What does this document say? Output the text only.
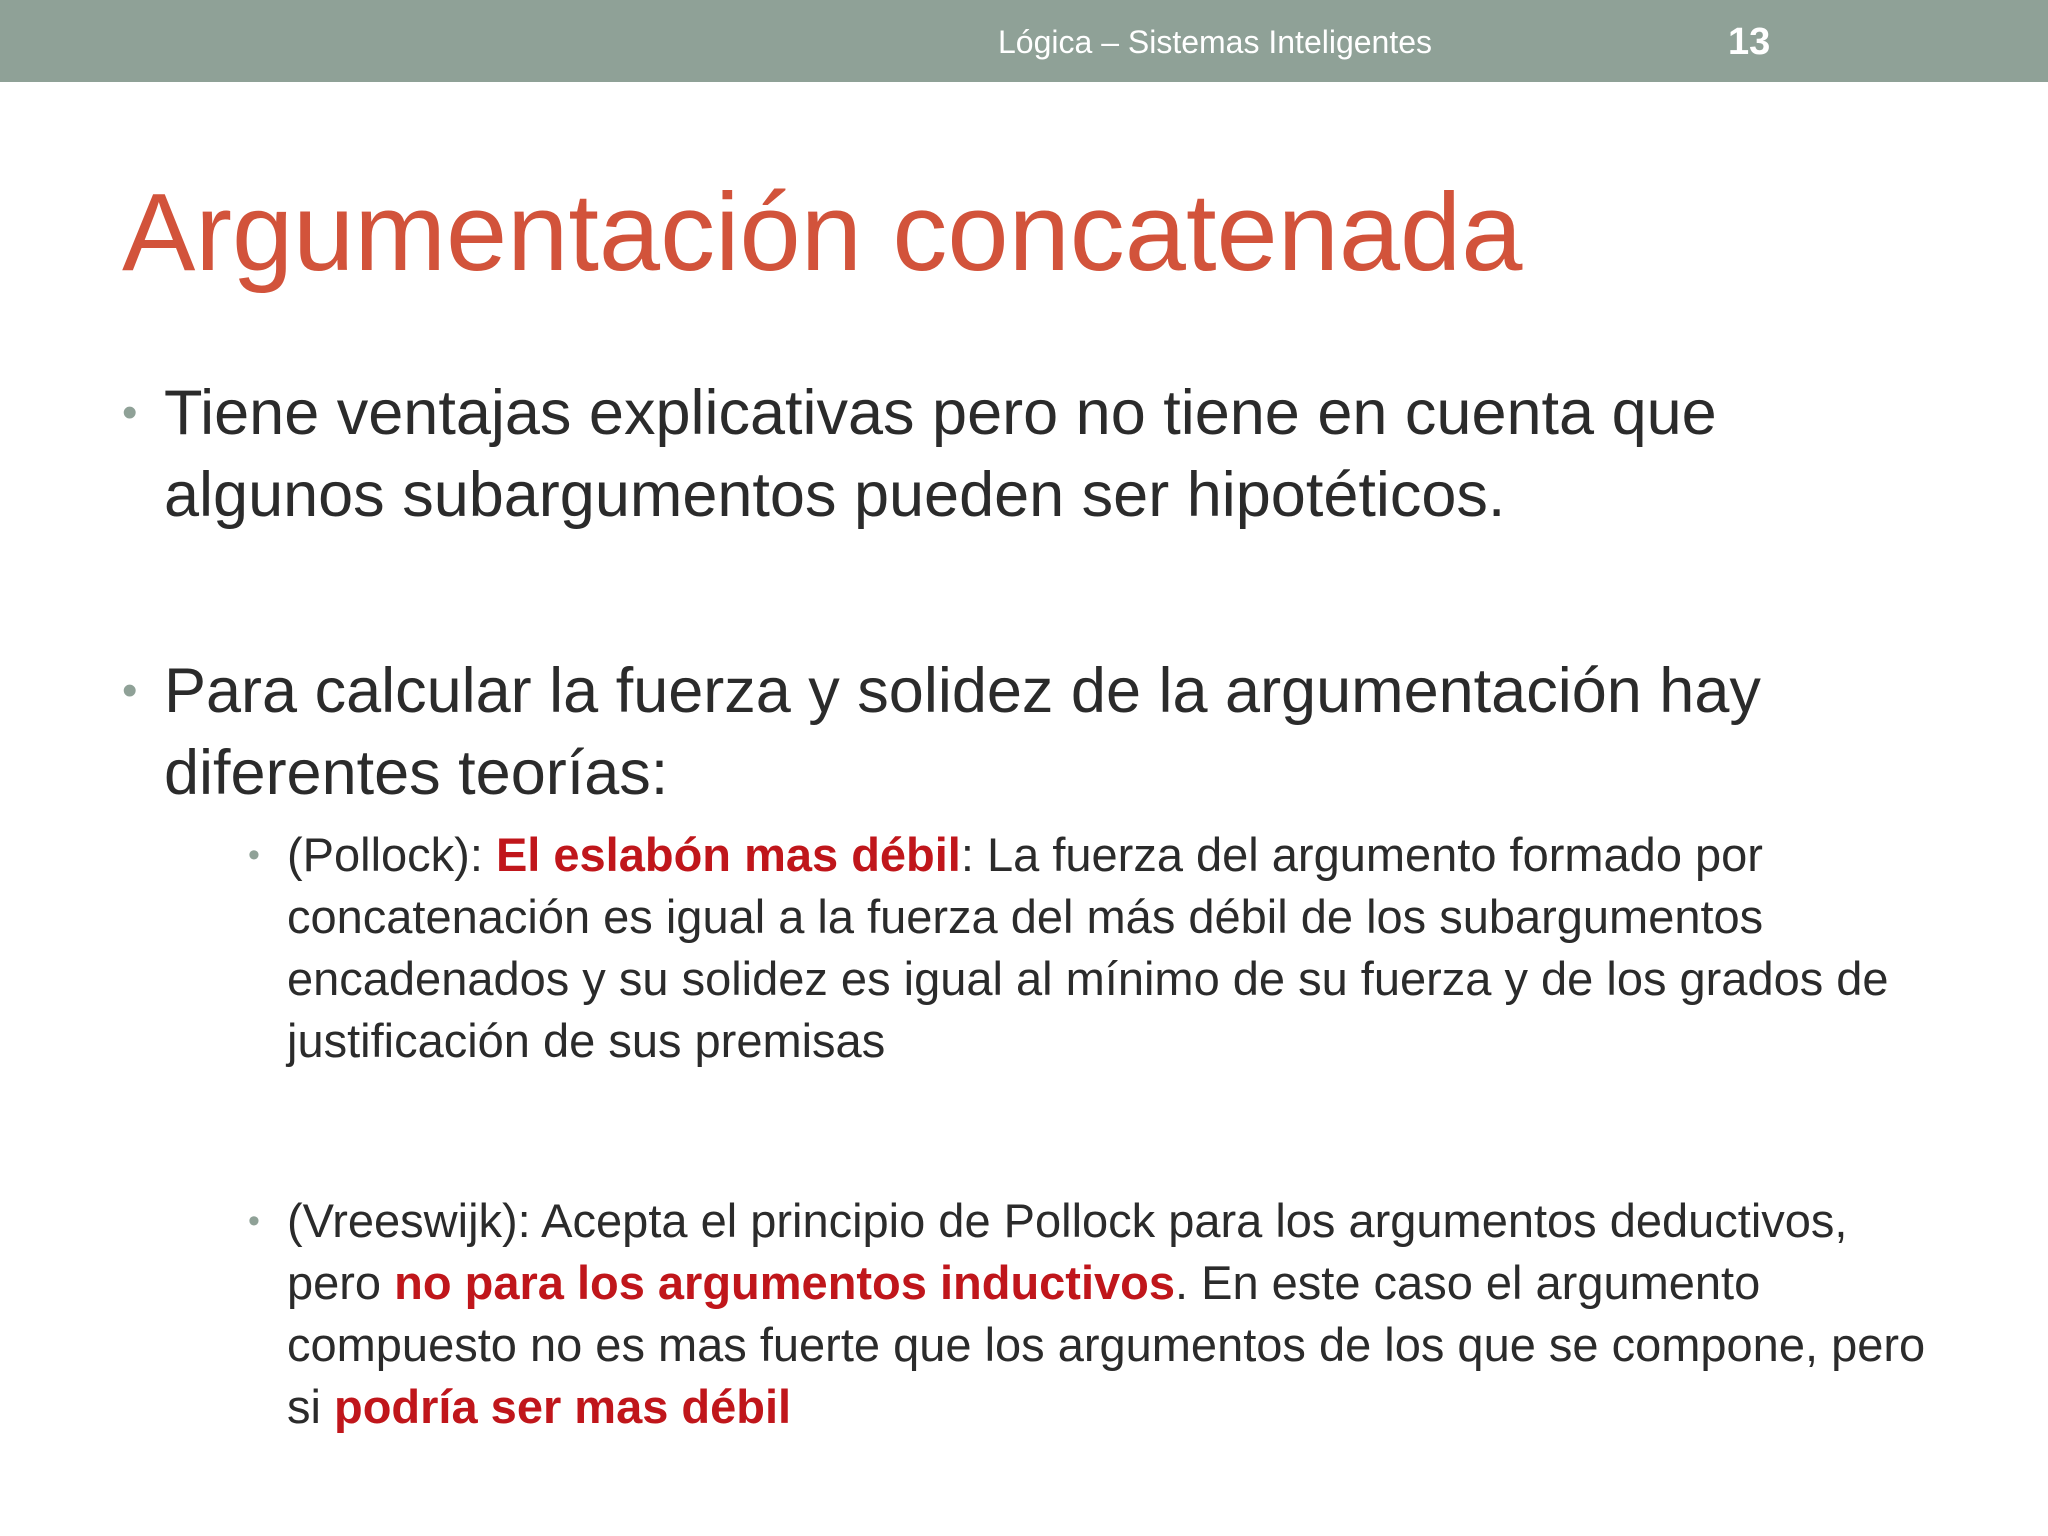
Lógica – Sistemas Inteligentes	13
Argumentación concatenada
• Tiene ventajas explicativas pero no tiene en cuenta que algunos subargumentos pueden ser hipotéticos.
• Para calcular la fuerza y solidez de la argumentación hay diferentes teorías:
• (Pollock): El eslabón mas débil: La fuerza del argumento formado por concatenación es igual a la fuerza del más débil de los subargumentos encadenados y su solidez es igual al mínimo de su fuerza y de los grados de justificación de sus premisas
• (Vreeswijk): Acepta el principio de Pollock para los argumentos deductivos, pero no para los argumentos inductivos. En este caso el argumento compuesto no es mas fuerte que los argumentos de los que se compone, pero si podría ser mas débil
